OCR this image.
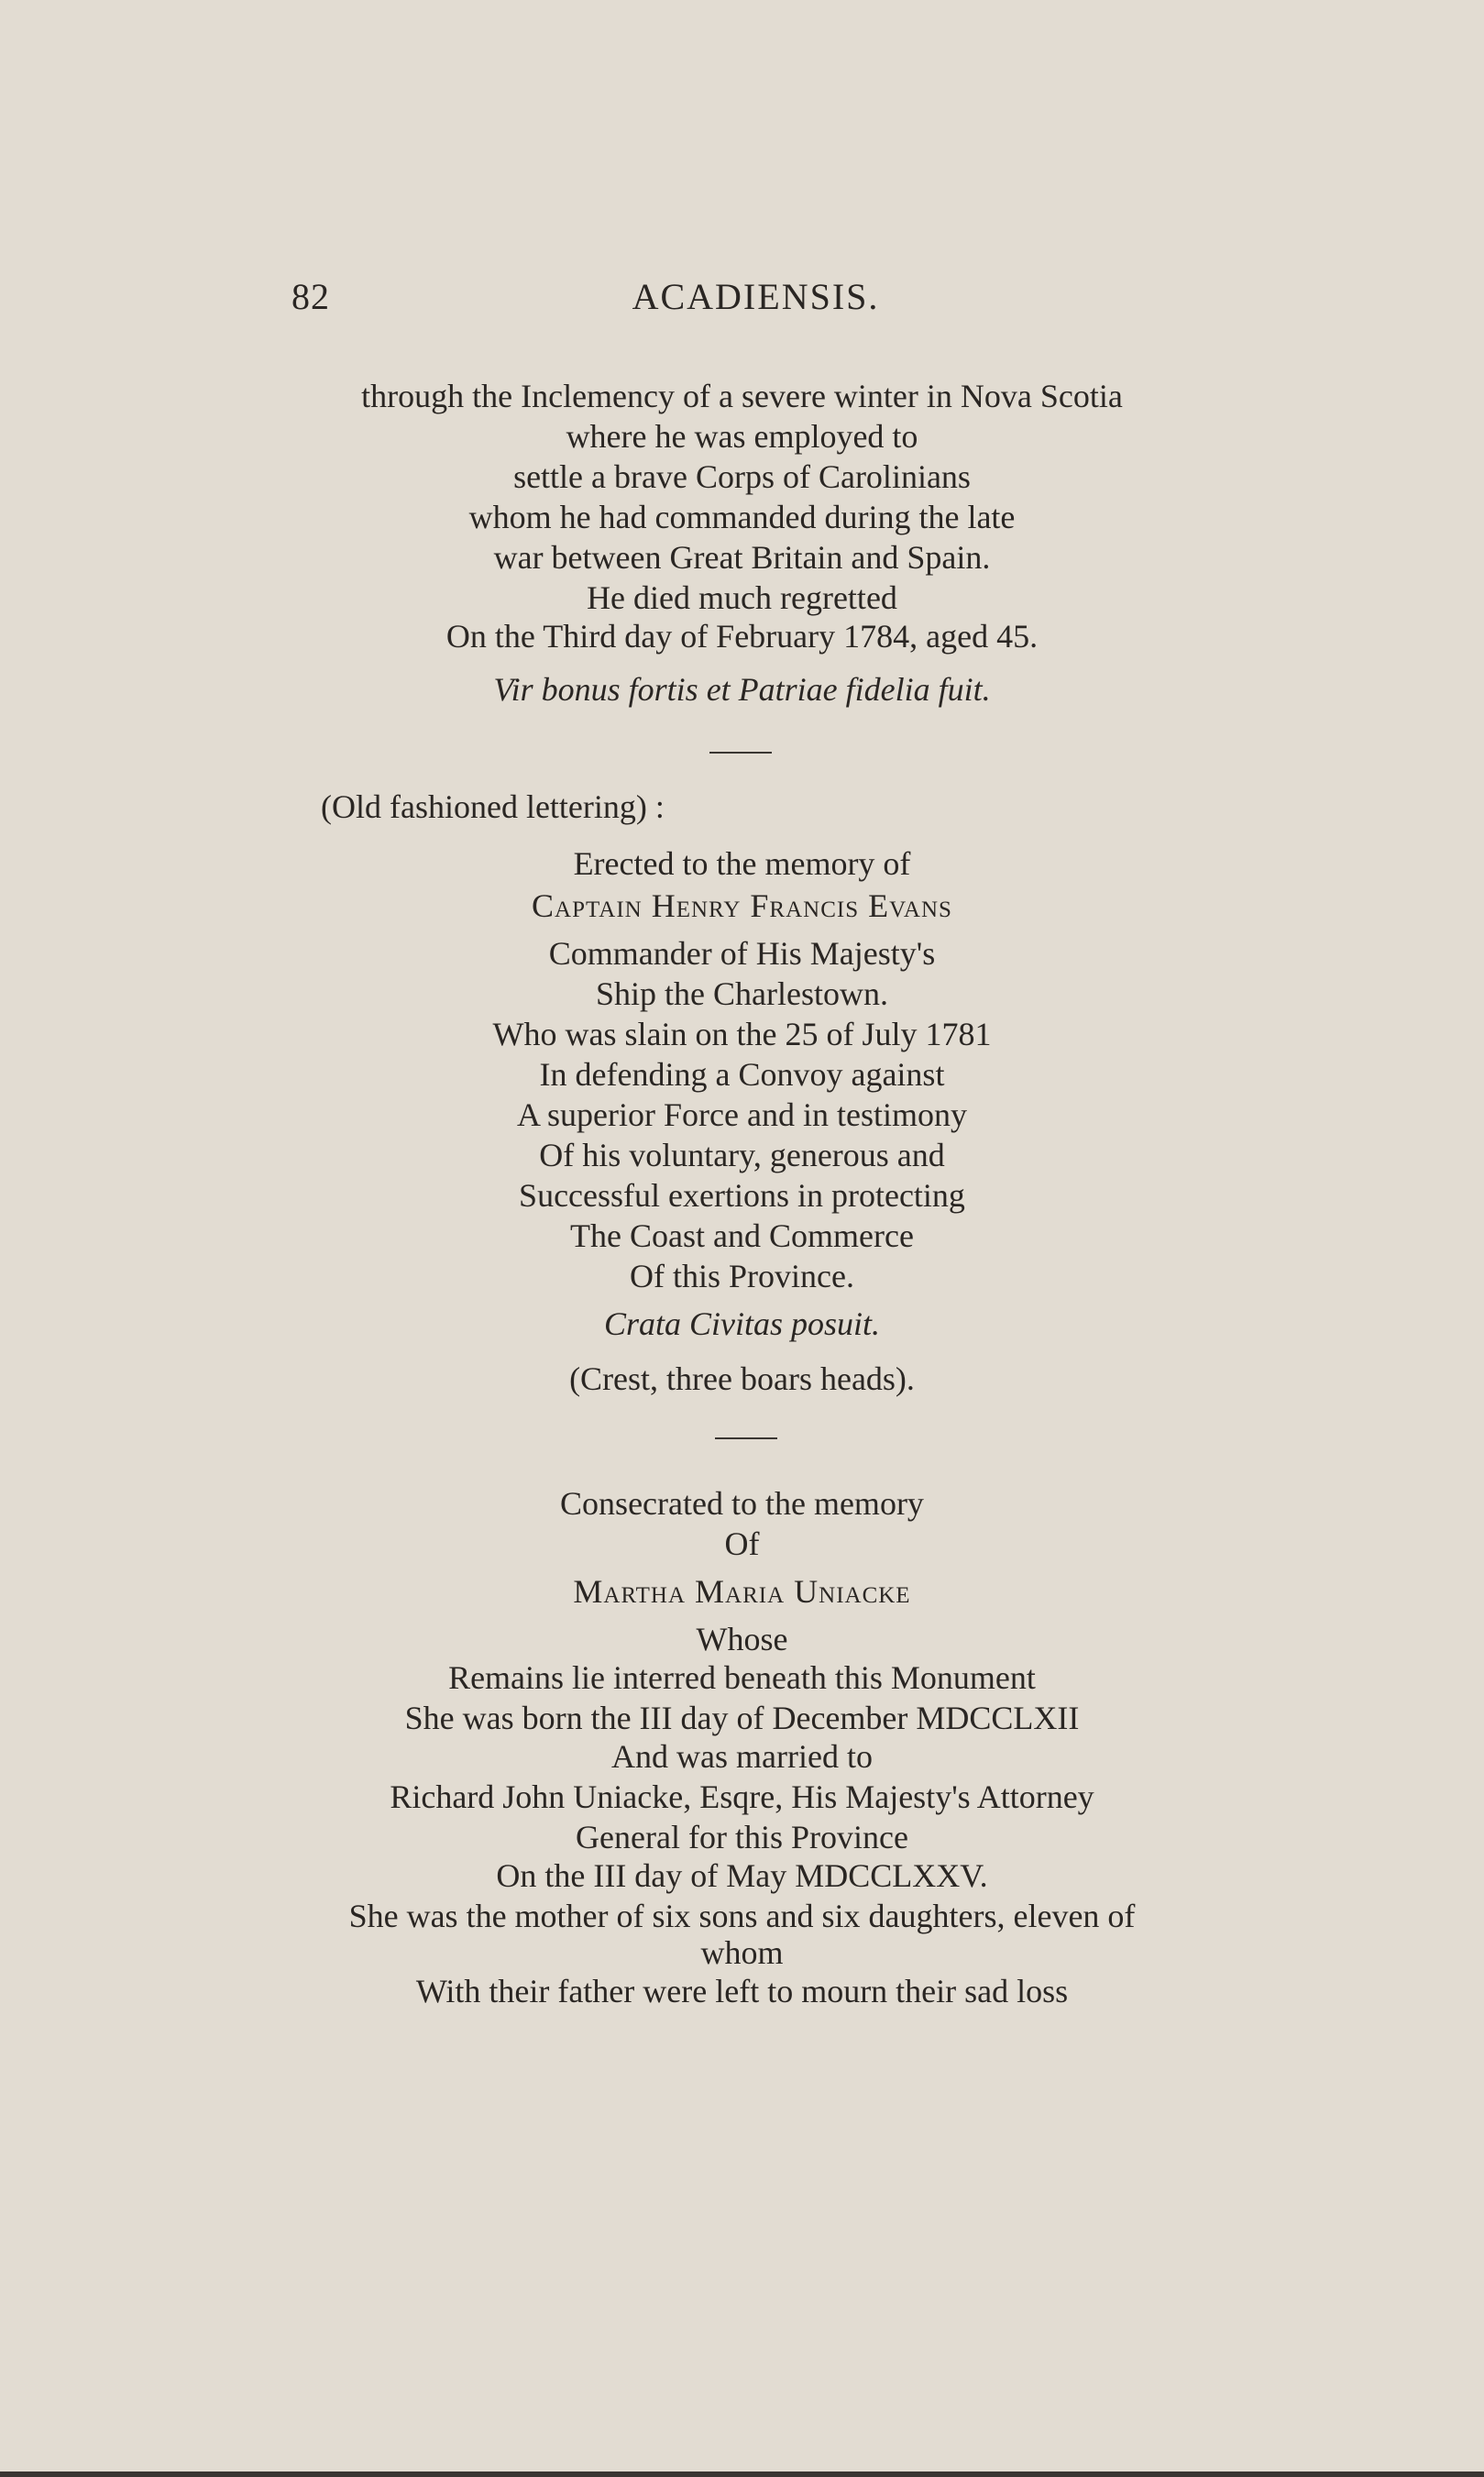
82	ACADIENSIS.
through the Inclemency of a severe winter in Nova Scotia
where he was employed to
settle a brave Corps of Carolinians
whom he had commanded during the late
war between Great Britain and Spain.
He died much regretted
On the Third day of February 1784, aged 45.
Vir bonus fortis et Patriae fidelia fuit.
(Old fashioned lettering) :
Erected to the memory of
Captain Henry Francis Evans
Commander of His Majesty's
Ship the Charlestown.
Who was slain on the 25 of July 1781
In defending a Convoy against
A superior Force and in testimony
Of his voluntary, generous and
Successful exertions in protecting
The Coast and Commerce
Of this Province.
Crata Civitas posuit.
(Crest, three boars heads).
Consecrated to the memory
Of
Martha Maria Uniacke
Whose
Remains lie interred beneath this Monument
She was born the III day of December MDCCLXII
And was married to
Richard John Uniacke, Esqre, His Majesty's Attorney
General for this Province
On the III day of May MDCCLXXV.
She was the mother of six sons and six daughters, eleven of
whom
With their father were left to mourn their sad loss
